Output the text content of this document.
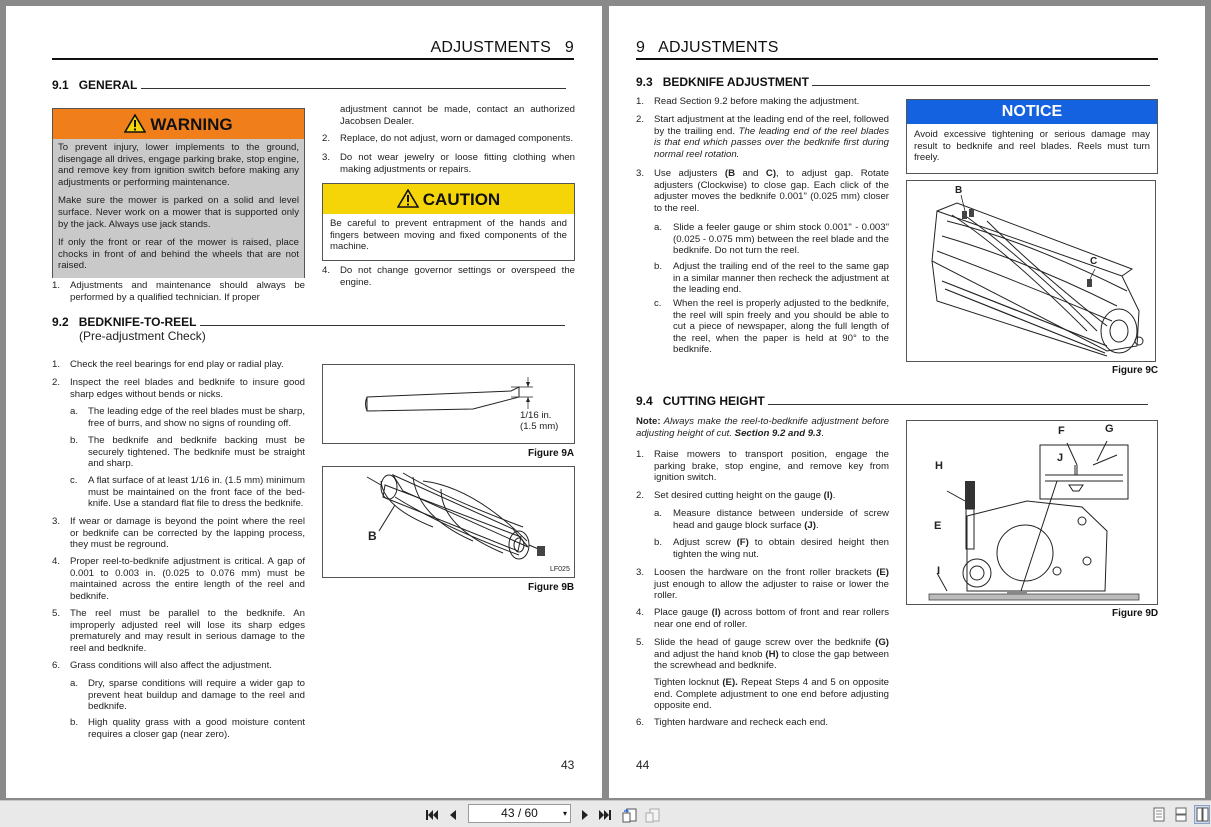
ADJUSTMENTS   9
9.1 GENERAL
WARNING

To prevent injury, lower implements to the ground, disengage all drives, engage parking brake, stop engine, and remove key from ignition switch before making any adjustments or performing maintenance.

Make sure the mower is parked on a solid and level surface. Never work on a mower that is supported only by the jack. Always use jack stands.

If only the front or rear of the mower is raised, place chocks in front of and behind the wheels that are not raised.

1. Adjustments and maintenance should always be performed by a qualified technician. If proper
adjustment cannot be made, contact an authorized Jacobsen Dealer.
2. Replace, do not adjust, worn or damaged components.
3. Do not wear jewelry or loose fitting clothing when making adjustments or repairs.
CAUTION
Be careful to prevent entrapment of the hands and fingers between moving and fixed components of the machine.
4. Do not change governor settings or overspeed the engine.
9.2 BEDKNIFE-TO-REEL
(Pre-adjustment Check)
1. Check the reel bearings for end play or radial play.
2. Inspect the reel blades and bedknife to insure good sharp edges without bends or nicks.
a. The leading edge of the reel blades must be sharp, free of burrs, and show no signs of rounding off.
b. The bedknife and bedknife backing must be securely tightened. The bedknife must be straight and sharp.
c. A flat surface of at least 1/16 in. (1.5 mm) minimum must be maintained on the front face of the bed-knife. Use a standard flat file to dress the bedknife.
3. If wear or damage is beyond the point where the reel or bedknife can be corrected by the lapping process, they must be reground.
4. Proper reel-to-bedknife adjustment is critical. A gap of 0.001 to 0.003 in. (0.025 to 0.076 mm) must be maintained across the entire length of the reel and bedknife.
5. The reel must be parallel to the bedknife. An improperly adjusted reel will lose its sharp edges prematurely and may result in serious damage to the reel and bedknife.
6. Grass conditions will also affect the adjustment.
a. Dry, sparse conditions will require a wider gap to prevent heat buildup and damage to the reel and bedknife.
b. High quality grass with a good moisture content requires a closer gap (near zero).
1/16 in.
(1.5 mm)
Figure 9A
B
LF025
Figure 9B
43
9   ADJUSTMENTS
9.3 BEDKNIFE ADJUSTMENT
1. Read Section 9.2 before making the adjustment.
2. Start adjustment at the leading end of the reel, followed by the trailing end. The leading end of the reel blades is that end which passes over the bedknife first during normal reel rotation.
3. Use adjusters (B and C), to adjust gap. Rotate adjusters (Clockwise) to close gap. Each click of the adjuster moves the bedknife 0.001" (0.025 mm) closer to the reel.
a. Slide a feeler gauge or shim stock 0.001" - 0.003" (0.025 - 0.075 mm) between the reel blade and the bedknife. Do not turn the reel.
b. Adjust the trailing end of the reel to the same gap in a similar manner then recheck the adjustment at the leading end.
c. When the reel is properly adjusted to the bedknife, the reel will spin freely and you should be able to cut a piece of newspaper, along the full length of the reel, when the paper is held at 90° to the bedknife.
NOTICE
Avoid excessive tightening or serious damage may result to bedknife and reel blades. Reels must turn freely.
B
C
Figure 9C
9.4 CUTTING HEIGHT
Note: Always make the reel-to-bedknife adjustment before adjusting height of cut. Section 9.2 and 9.3.
1. Raise mowers to transport position, engage the parking brake, stop engine, and remove key from ignition switch.
2. Set desired cutting height on the gauge (I).
a. Measure distance between underside of screw head and gauge block surface (J).
b. Adjust screw (F) to obtain desired height then tighten the wing nut.
3. Loosen the hardware on the front roller brackets (E) just enough to allow the adjuster to raise or lower the roller.
4. Place gauge (I) across bottom of front and rear rollers near one end of roller.
5. Slide the head of gauge screw over the bedknife (G) and adjust the hand knob (H) to close the gap between the screwhead and bedknife.
Tighten locknut (E). Repeat Steps 4 and 5 on opposite end. Complete adjustment to one end before adjusting opposite end.
6. Tighten hardware and recheck each end.
F	G
H
J
E
I
Figure 9D
44
43 / 60	▾
